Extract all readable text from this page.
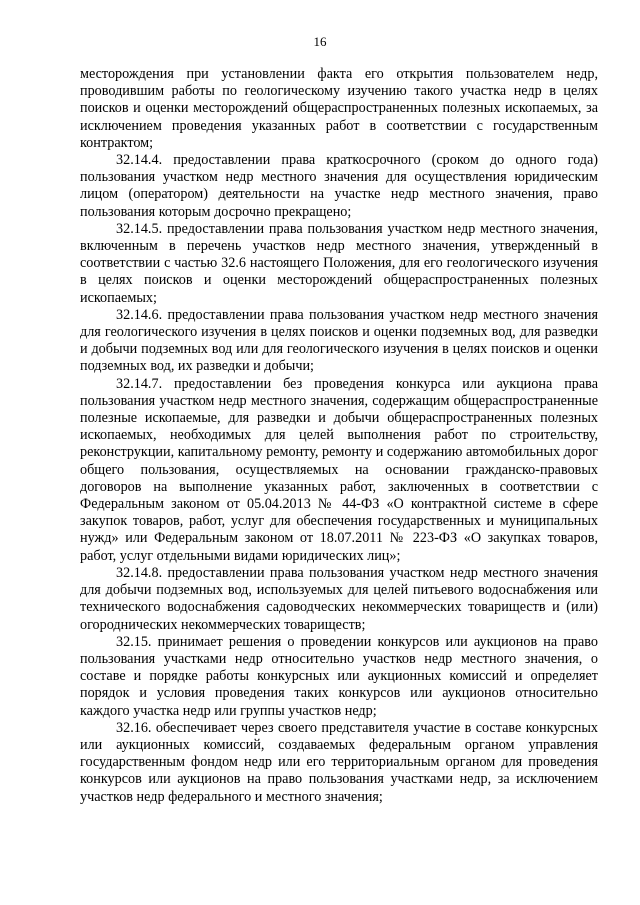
16

месторождения при установлении факта его открытия пользователем недр, проводившим работы по геологическому изучению такого участка недр в целях поисков и оценки месторождений общераспространенных полезных ископаемых, за исключением проведения указанных работ в соответствии с государственным контрактом;

32.14.4. предоставлении права краткосрочного (сроком до одного года) пользования участком недр местного значения для осуществления юридическим лицом (оператором) деятельности на участке недр местного значения, право пользования которым досрочно прекращено;

32.14.5. предоставлении права пользования участком недр местного значения, включенным в перечень участков недр местного значения, утвержденный в соответствии с частью 32.6 настоящего Положения, для его геологического изучения в целях поисков и оценки месторождений общераспространенных полезных ископаемых;

32.14.6. предоставлении права пользования участком недр местного значения для геологического изучения в целях поисков и оценки подземных вод, для разведки и добычи подземных вод или для геологического изучения в целях поисков и оценки подземных вод, их разведки и добычи;

32.14.7. предоставлении без проведения конкурса или аукциона права пользования участком недр местного значения, содержащим общераспространенные полезные ископаемые, для разведки и добычи общераспространенных полезных ископаемых, необходимых для целей выполнения работ по строительству, реконструкции, капитальному ремонту, ремонту и содержанию автомобильных дорог общего пользования, осуществляемых на основании гражданско-правовых договоров на выполнение указанных работ, заключенных в соответствии с Федеральным законом от 05.04.2013 № 44-ФЗ «О контрактной системе в сфере закупок товаров, работ, услуг для обеспечения государственных и муниципальных нужд» или Федеральным законом от 18.07.2011 № 223-ФЗ «О закупках товаров, работ, услуг отдельными видами юридических лиц»;

32.14.8. предоставлении права пользования участком недр местного значения для добычи подземных вод, используемых для целей питьевого водоснабжения или технического водоснабжения садоводческих некоммерческих товариществ и (или) огороднических некоммерческих товариществ;

32.15. принимает решения о проведении конкурсов или аукционов на право пользования участками недр относительно участков недр местного значения, о составе и порядке работы конкурсных или аукционных комиссий и определяет порядок и условия проведения таких конкурсов или аукционов относительно каждого участка недр или группы участков недр;

32.16. обеспечивает через своего представителя участие в составе конкурсных или аукционных комиссий, создаваемых федеральным органом управления государственным фондом недр или его территориальным органом для проведения конкурсов или аукционов на право пользования участками недр, за исключением участков недр федерального и местного значения;
